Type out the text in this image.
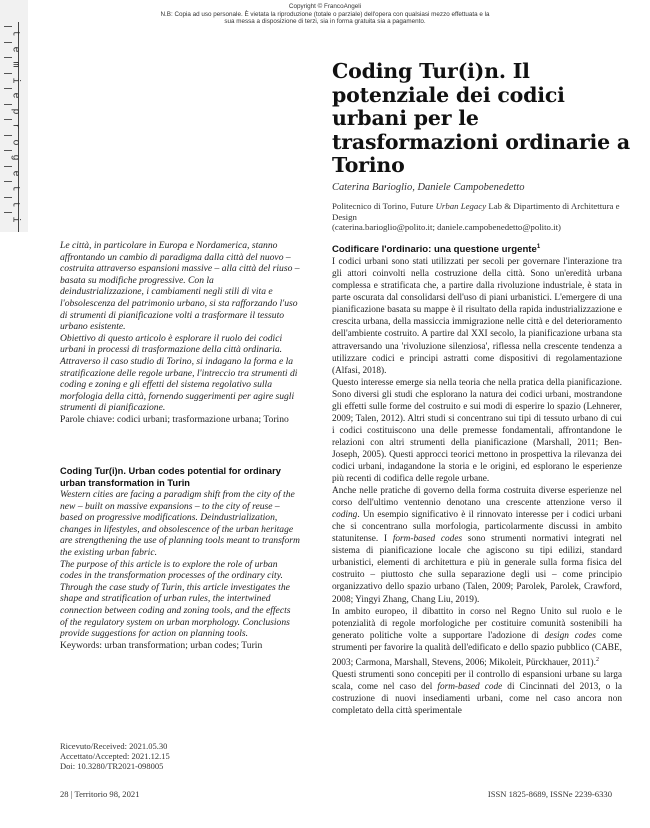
Copyright © FrancoAngeli
N.B: Copia ad uso personale. È vietata la riproduzione (totale o parziale) dell'opera con qualsiasi mezzo effettuata e la sua messa a disposizione di terzi, sia in forma gratuita sia a pagamento.
t
e
m
i
e
p
r
o
g
e
t
t
i
Coding Tur(i)n. Il potenziale dei codici urbani per le trasformazioni ordinarie a Torino
Caterina Barioglio, Daniele Campobenedetto
Politecnico di Torino, Future Urban Legacy Lab & Dipartimento di Architettura e Design
(caterina.barioglio@polito.it; daniele.campobenedetto@polito.it)

Le città, in particolare in Europa e Nordamerica, stanno affrontando un cambio di paradigma dalla città del nuovo – costruita attraverso espansioni massive – alla città del riuso – basata su modifiche progressive. Con la deindustrializzazione, i cambiamenti negli stili di vita e l'obsolescenza del patrimonio urbano, si sta rafforzando l'uso di strumenti di pianificazione volti a trasformare il tessuto urbano esistente.

Obiettivo di questo articolo è esplorare il ruolo dei codici urbani in processi di trasformazione della città ordinaria. Attraverso il caso studio di Torino, si indagano la forma e la stratificazione delle regole urbane, l'intreccio tra strumenti di coding e zoning e gli effetti del sistema regolativo sulla morfologia della città, fornendo suggerimenti per agire sugli strumenti di pianificazione.

Parole chiave: codici urbani; trasformazione urbana; Torino

Coding Tur(i)n. Urban codes potential for ordinary urban transformation in Turin

Western cities are facing a paradigm shift from the city of the new – built on massive expansions – to the city of reuse – based on progressive modifications. Deindustrialization, changes in lifestyles, and obsolescence of the urban heritage are strengthening the use of planning tools meant to transform the existing urban fabric.

The purpose of this article is to explore the role of urban codes in the transformation processes of the ordinary city. Through the case study of Turin, this article investigates the shape and stratification of urban rules, the intertwined connection between coding and zoning tools, and the effects of the regulatory system on urban morphology. Conclusions provide suggestions for action on planning tools.

Keywords: urban transformation; urban codes; Turin

Ricevuto/Received: 2021.05.30
Accettato/Accepted: 2021.12.15
Doi: 10.3280/TR2021-098005
Codificare l'ordinario: una questione urgente$^1$

I codici urbani sono stati utilizzati per secoli per governare l'interazione tra gli attori coinvolti nella costruzione della città. Sono un'eredità urbana complessa e stratificata che, a partire dalla rivoluzione industriale, è stata in parte oscurata dal consolidarsi dell'uso di piani urbanistici. L'emergere di una pianificazione basata su mappe è il risultato della rapida industrializzazione e crescita urbana, della massiccia immigrazione nelle città e del deterioramento dell'ambiente costruito. A partire dal XXI secolo, la pianificazione urbana sta attraversando una 'rivoluzione silenziosa', riflessa nella crescente tendenza a utilizzare codici e principi astratti come dispositivi di regolamentazione (Alfasi, 2018).

Questo interesse emerge sia nella teoria che nella pratica della pianificazione. Sono diversi gli studi che esplorano la natura dei codici urbani, mostrandone gli effetti sulle forme del costruito e sui modi di esperire lo spazio (Lehnerer, 2009; Talen, 2012). Altri studi si concentrano sui tipi di tessuto urbano di cui i codici costituiscono una delle premesse fondamentali, affrontandone le relazioni con altri strumenti della pianificazione (Marshall, 2011; Ben-Joseph, 2005). Questi approcci teorici mettono in prospettiva la rilevanza dei codici urbani, indagandone la storia e le origini, ed esplorano le esperienze più recenti di codifica delle regole urbane.

Anche nelle pratiche di governo della forma costruita diverse esperienze nel corso dell'ultimo ventennio denotano una crescente attenzione verso il coding. Un esempio significativo è il rinnovato interesse per i codici urbani che si concentrano sulla morfologia, particolarmente discussi in ambito statunitense. I form-based codes sono strumenti normativi integrati nel sistema di pianificazione locale che agiscono su tipi edilizi, standard urbanistici, elementi di architettura e più in generale sulla forma fisica del costruito – piuttosto che sulla separazione degli usi – come principio organizzativo dello spazio urbano (Talen, 2009; Parolek, Parolek, Crawford, 2008; Yingyi Zhang, Chang Liu, 2019).

In ambito europeo, il dibattito in corso nel Regno Unito sul ruolo e le potenzialità di regole morfologiche per costituire comunità sostenibili ha generato politiche volte a supportare l'adozione di design codes come strumenti per favorire la qualità dell'edificato e dello spazio pubblico (CABE, 2003; Carmona, Marshall, Stevens, 2006; Mikoleit, Pürckhauer, 2011).$^2$

Questi strumenti sono concepiti per il controllo di espansioni urbane su larga scala, come nel caso del form-based code di Cincinnati del 2013, o la costruzione di nuovi insediamenti urbani, come nel caso ancora non completato della città sperimentale

28 | Territorio 98, 2021	ISSN 1825-8689, ISSNe 2239-6330
